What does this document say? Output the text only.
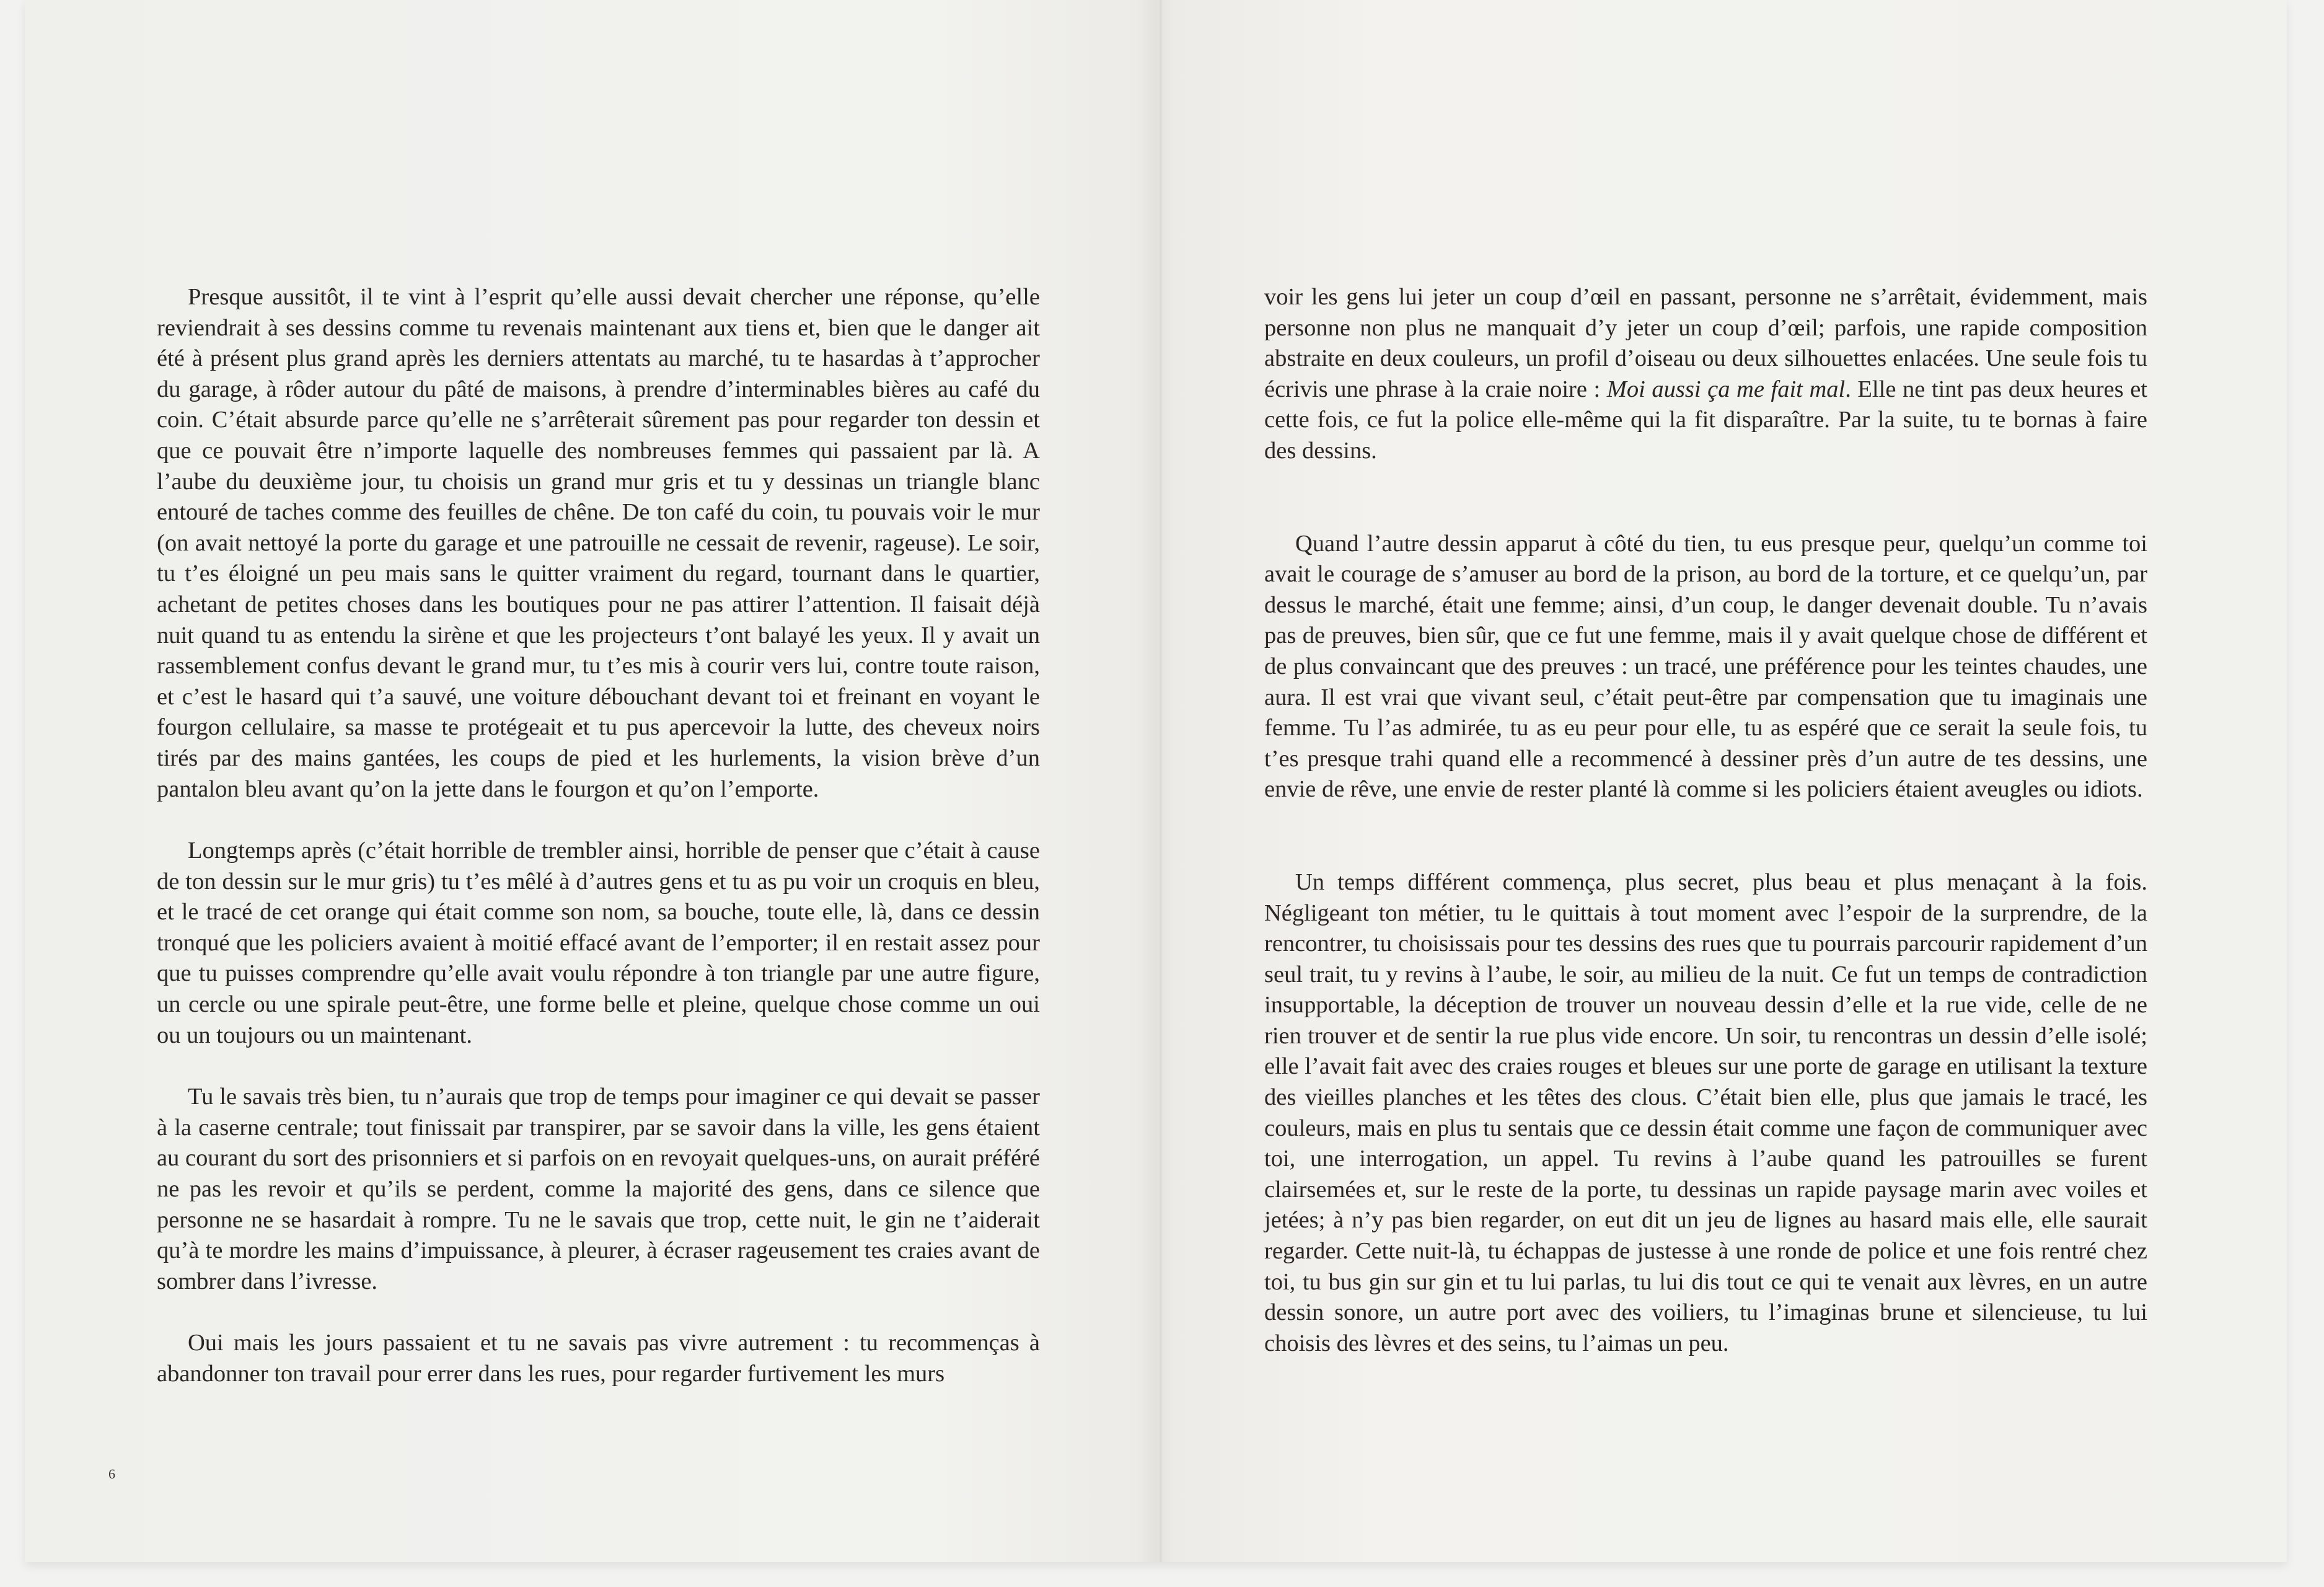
Presque aussitôt, il te vint à l’esprit qu’elle aussi devait chercher une réponse, qu’elle reviendrait à ses dessins comme tu revenais maintenant aux tiens et, bien que le danger ait été à présent plus grand après les derniers attentats au marché, tu te hasardas à t’approcher du garage, à rôder autour du pâté de maisons, à prendre d’interminables bières au café du coin. C’était absurde parce qu’elle ne s’arrêterait sûrement pas pour regarder ton dessin et que ce pouvait être n’importe laquelle des nombreuses femmes qui passaient par là. A l’aube du deuxième jour, tu choisis un grand mur gris et tu y dessinas un triangle blanc entouré de taches comme des feuilles de chêne. De ton café du coin, tu pouvais voir le mur (on avait nettoyé la porte du garage et une patrouille ne cessait de revenir, rageuse). Le soir, tu t’es éloigné un peu mais sans le quitter vraiment du regard, tournant dans le quartier, achetant de petites choses dans les boutiques pour ne pas attirer l’attention. Il faisait déjà nuit quand tu as entendu la sirène et que les projecteurs t’ont balayé les yeux. Il y avait un rassemblement confus devant le grand mur, tu t’es mis à courir vers lui, contre toute raison, et c’est le hasard qui t’a sauvé, une voiture débouchant devant toi et freinant en voyant le fourgon cellulaire, sa masse te protégeait et tu pus apercevoir la lutte, des cheveux noirs tirés par des mains gantées, les coups de pied et les hurlements, la vision brève d’un pantalon bleu avant qu’on la jette dans le fourgon et qu’on l’emporte.

Longtemps après (c’était horrible de trembler ainsi, horrible de penser que c’était à cause de ton dessin sur le mur gris) tu t’es mêlé à d’autres gens et tu as pu voir un croquis en bleu, et le tracé de cet orange qui était comme son nom, sa bouche, toute elle, là, dans ce dessin tronqué que les policiers avaient à moitié effacé avant de l’emporter; il en restait assez pour que tu puisses comprendre qu’elle avait voulu répondre à ton triangle par une autre figure, un cercle ou une spirale peut-être, une forme belle et pleine, quelque chose comme un oui ou un toujours ou un maintenant.

Tu le savais très bien, tu n’aurais que trop de temps pour imaginer ce qui devait se passer à la caserne centrale; tout finissait par transpirer, par se savoir dans la ville, les gens étaient au courant du sort des prisonniers et si parfois on en revoyait quelques-uns, on aurait préféré ne pas les revoir et qu’ils se perdent, comme la majorité des gens, dans ce silence que personne ne se hasardait à rompre. Tu ne le savais que trop, cette nuit, le gin ne t’aiderait qu’à te mordre les mains d’impuissance, à pleurer, à écraser rageusement tes craies avant de sombrer dans l’ivresse.

Oui mais les jours passaient et tu ne savais pas vivre autrement : tu recommenças à abandonner ton travail pour errer dans les rues, pour regarder furtivement les murs

6

voir les gens lui jeter un coup d’œil en passant, personne ne s’arrêtait, évidemment, mais personne non plus ne manquait d’y jeter un coup d’œil; parfois, une rapide composition abstraite en deux couleurs, un profil d’oiseau ou deux silhouettes enlacées. Une seule fois tu écrivis une phrase à la craie noire : Moi aussi ça me fait mal. Elle ne tint pas deux heures et cette fois, ce fut la police elle-même qui la fit disparaître. Par la suite, tu te bornas à faire des dessins.

Quand l’autre dessin apparut à côté du tien, tu eus presque peur, quelqu’un comme toi avait le courage de s’amuser au bord de la prison, au bord de la torture, et ce quelqu’un, par dessus le marché, était une femme; ainsi, d’un coup, le danger devenait double. Tu n’avais pas de preuves, bien sûr, que ce fut une femme, mais il y avait quelque chose de différent et de plus convaincant que des preuves : un tracé, une préférence pour les teintes chaudes, une aura. Il est vrai que vivant seul, c’était peut-être par compensation que tu imaginais une femme. Tu l’as admirée, tu as eu peur pour elle, tu as espéré que ce serait la seule fois, tu t’es presque trahi quand elle a recommencé à dessiner près d’un autre de tes dessins, une envie de rêve, une envie de rester planté là comme si les policiers étaient aveugles ou idiots.

Un temps différent commença, plus secret, plus beau et plus menaçant à la fois. Négligeant ton métier, tu le quittais à tout moment avec l’espoir de la surprendre, de la rencontrer, tu choisissais pour tes dessins des rues que tu pourrais parcourir rapidement d’un seul trait, tu y revins à l’aube, le soir, au milieu de la nuit. Ce fut un temps de contradiction insupportable, la déception de trouver un nouveau dessin d’elle et la rue vide, celle de ne rien trouver et de sentir la rue plus vide encore. Un soir, tu rencontras un dessin d’elle isolé; elle l’avait fait avec des craies rouges et bleues sur une porte de garage en utilisant la texture des vieilles planches et les têtes des clous. C’était bien elle, plus que jamais le tracé, les couleurs, mais en plus tu sentais que ce dessin était comme une façon de communiquer avec toi, une interrogation, un appel. Tu revins à l’aube quand les patrouilles se furent clairsemées et, sur le reste de la porte, tu dessinas un rapide paysage marin avec voiles et jetées; à n’y pas bien regarder, on eut dit un jeu de lignes au hasard mais elle, elle saurait regarder. Cette nuit-là, tu échappas de justesse à une ronde de police et une fois rentré chez toi, tu bus gin sur gin et tu lui parlas, tu lui dis tout ce qui te venait aux lèvres, en un autre dessin sonore, un autre port avec des voiliers, tu l’imaginas brune et silencieuse, tu lui choisis des lèvres et des seins, tu l’aimas un peu.
